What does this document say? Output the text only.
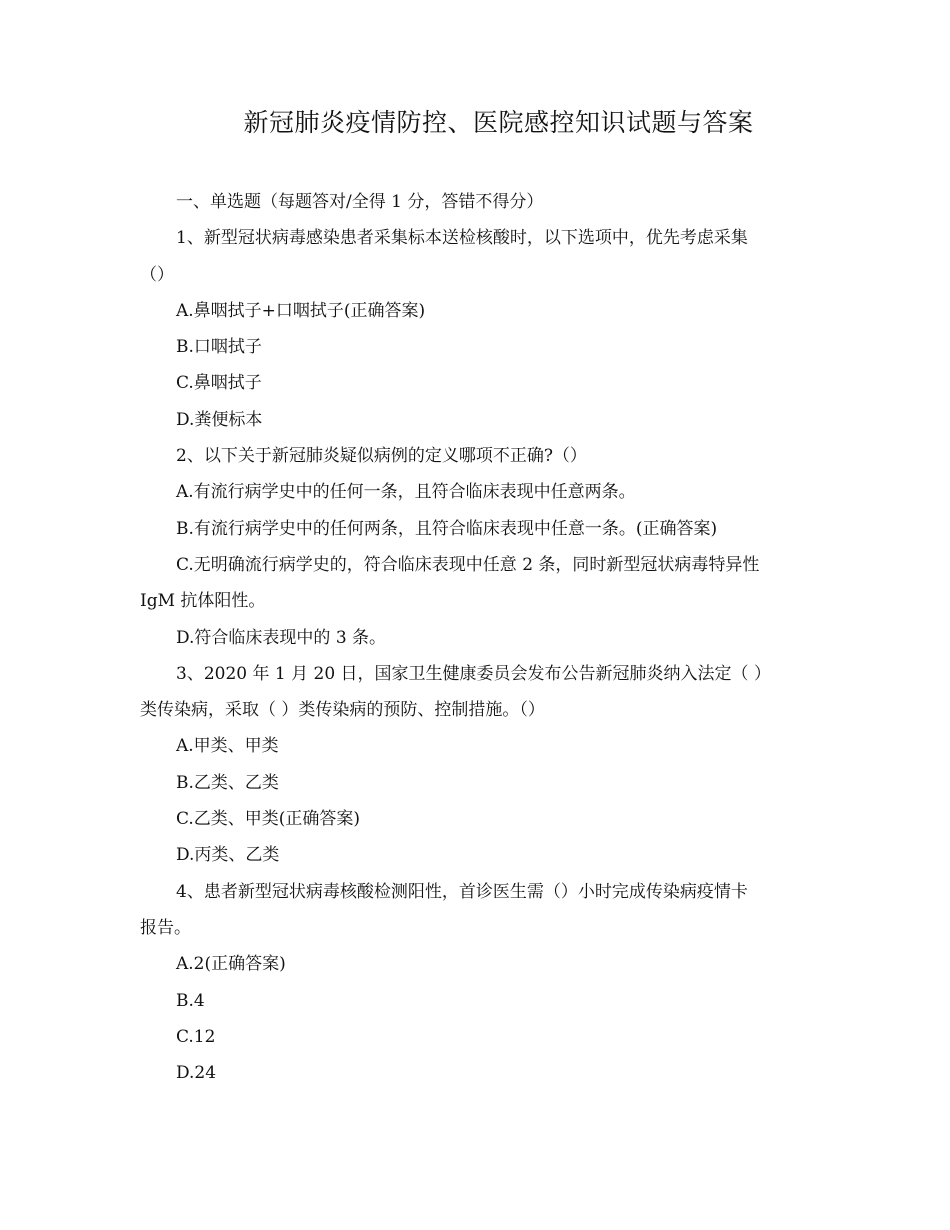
新冠肺炎疫情防控、医院感控知识试题与答案
一、单选题（每题答对/全得 1 分，答错不得分）
1、新型冠状病毒感染患者采集标本送检核酸时，以下选项中，优先考虑采集
（）
A.鼻咽拭子+口咽拭子(正确答案)
B.口咽拭子
C.鼻咽拭子
D.粪便标本
2、以下关于新冠肺炎疑似病例的定义哪项不正确?（）
A.有流行病学史中的任何一条，且符合临床表现中任意两条。
B.有流行病学史中的任何两条，且符合临床表现中任意一条。(正确答案)
C.无明确流行病学史的，符合临床表现中任意 2 条，同时新型冠状病毒特异性
IgM 抗体阳性。
D.符合临床表现中的 3 条。
3、2020 年 1 月 20 日，国家卫生健康委员会发布公告新冠肺炎纳入法定（ ）
类传染病，采取（ ）类传染病的预防、控制措施。（）
A.甲类、甲类
B.乙类、乙类
C.乙类、甲类(正确答案)
D.丙类、乙类
4、患者新型冠状病毒核酸检测阳性，首诊医生需（）小时完成传染病疫情卡
报告。
A.2(正确答案)
B.4
C.12
D.24
